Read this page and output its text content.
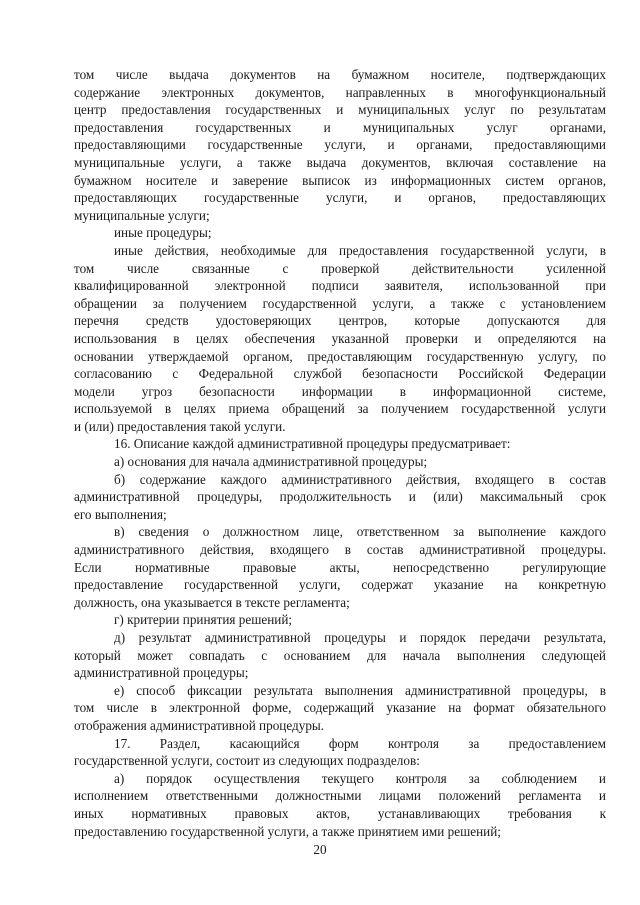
том числе выдача документов на бумажном носителе, подтверждающих
содержание электронных документов, направленных в многофункциональный
центр предоставления государственных и муниципальных услуг по результатам
предоставления государственных и муниципальных услуг органами,
предоставляющими государственные услуги, и органами, предоставляющими
муниципальные услуги, а также выдача документов, включая составление на
бумажном носителе и заверение выписок из информационных систем органов,
предоставляющих государственные услуги, и органов, предоставляющих
муниципальные услуги;
иные процедуры;
иные действия, необходимые для предоставления государственной услуги, в
том числе связанные с проверкой действительности усиленной
квалифицированной электронной подписи заявителя, использованной при
обращении за получением государственной услуги, а также с установлением
перечня средств удостоверяющих центров, которые допускаются для
использования в целях обеспечения указанной проверки и определяются на
основании утверждаемой органом, предоставляющим государственную услугу, по
согласованию с Федеральной службой безопасности Российской Федерации
модели угроз безопасности информации в информационной системе,
используемой в целях приема обращений за получением государственной услуги
и (или) предоставления такой услуги.
16. Описание каждой административной процедуры предусматривает:
а) основания для начала административной процедуры;
б) содержание каждого административного действия, входящего в состав
административной процедуры, продолжительность и (или) максимальный срок
его выполнения;
в) сведения о должностном лице, ответственном за выполнение каждого
административного действия, входящего в состав административной процедуры.
Если нормативные правовые акты, непосредственно регулирующие
предоставление государственной услуги, содержат указание на конкретную
должность, она указывается в тексте регламента;
г) критерии принятия решений;
д) результат административной процедуры и порядок передачи результата,
который может совпадать с основанием для начала выполнения следующей
административной процедуры;
е) способ фиксации результата выполнения административной процедуры, в
том числе в электронной форме, содержащий указание на формат обязательного
отображения административной процедуры.
17. Раздел, касающийся форм контроля за предоставлением
государственной услуги, состоит из следующих подразделов:
а) порядок осуществления текущего контроля за соблюдением и
исполнением ответственными должностными лицами положений регламента и
иных нормативных правовых актов, устанавливающих требования к
предоставлению государственной услуги, а также принятием ими решений;
20
